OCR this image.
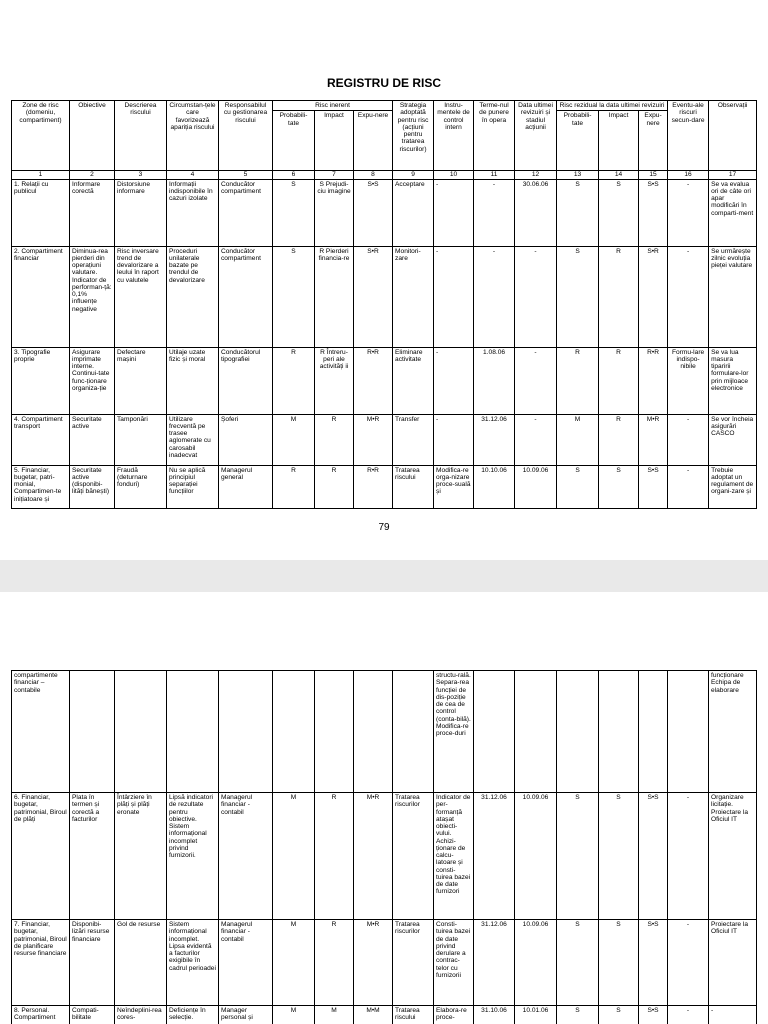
REGISTRU DE RISC
Zone de risc (domeniu, compartiment)	Obiective	Descrierea riscului	Circumstan-țele care favorizează apariția riscului	Responsabilul cu gestionarea riscului	Risc inerent			Strategia adoptată pentru risc (acțiuni pentru tratarea riscurilor)	Instru-mentele de control intern	Terme-nul de punere în opera	Data ultimei revizuiri și stadiul acțiunii	Risc rezidual la data ultimei revizuiri			Eventu-ale riscuri secun-dare	Observații
					Probabili-tate	Impact	Expu-nere					Probabili-tate	Impact	Expu-nere		
1	2	3	4	5	6	7	8	9	10	11	12	13	14	15	16	17
1. Relații cu publicul	Informare corectă	Distorsiune informare	Informații indisponibile în cazuri izolate	Conducător compartiment	S	S Prejudi-ciu imagine	S•S	Acceptare	-	-	30.06.06	S	S	S•S	-	Se va evalua ori de câte ori apar modificări în comparti-ment
2. Compartiment financiar	Diminua-rea pierderi din operațiuni valutare. Indicator de performan-ță: 0,1% influențe negative	Risc inversare trend de devalorizare a leului în raport cu valutele	Proceduri unilaterale bazate pe trendul de devalorizare	Conducător compartiment	S	R Pierderi financia-re	S•R	Monitori-zare	-	-	-	S	R	S•R	-	Se urmărește zilnic evoluția pieței valutare
3. Tipografie proprie	Asigurare imprimate interne. Continui-tate func-ționare organiza-ție	Defectare mașini	Utilaje uzate fizic și moral	Conducătorul tipografiei	R	R Întreru-peri ale activități ii	R•R	Eliminare activitate	-	1.08.06	-	R	R	R•R	Formu-lare indispo-nibile	Se va lua masura tiparirii formulare-lor prin mijloace electronice
4. Compartiment transport	Securitate active	Tamponări	Utilizare frecventă pe trasee aglomerate cu carosabil inadecvat	Șoferi	M	R	M•R	Transfer	-	31.12.06	-	M	R	M•R	-	Se vor încheia asigurări CASCO
5. Financiar, bugetar, patri-monial, Compartimen-te inițiatoare și	Securitate active (disponibi-lități bănești)	Fraudă (deturnare fonduri)	Nu se aplică principiul separației funcțiilor	Managerul general	R	R	R•R	Tratarea riscului	Modifica-re orga-nizare proce-suală și	10.10.06	10.09.06	S	S	S•S	-	Trebuie adoptat un regulament de organi-zare și
79
compartimente financiar – contabile									structu-rală. Separa-rea funcției de dis-poziție de cea de control (conta-bilă). Modifica-re proce-duri							funcționare Echipa de elaborare
6. Financiar, bugetar, patrimonial, Biroul de plăți	Plata în termen și corectă a facturilor	Întârziere în plăți și plăți eronate	Lipsă indicatori de rezultate pentru obiective. Sistem informațional incomplet privind furnizorii.	Managerul financiar - contabil	M	R	M•R	Tratarea riscurilor	Indicator de per-formanță atașat obiecti-vului. Achizi-ționare de calcu-latoare și consti-tuirea bazei de date furnizori	31.12.06	10.09.06	S	S	S•S	-	Organizare licitație. Proiectare la Oficiul IT
7. Financiar, bugetar, patrimonial, Biroul de planificare resurse financiare	Disponibi-lizări resurse financiare	Gol de resurse	Sistem informațional incomplet. Lipsa evidentă a facturilor exigibile în cadrul perioadei	Managerul financiar - contabil	M	R	M•R	Tratarea riscurilor	Consti-tuirea bazei de date privind derulare a contrac-telor cu furnizorii	31.12.06	10.09.06	S	S	S•S	-	Proiectare la Oficiul IT
8. Personal. Compartiment	Compati-bilitate	Neîndeplini-rea cores-	Deficiențe în selecție.	Manager personal și	M	M	M•M	Tratarea riscului	Elabora-re proce-	31.10.06	10.01.06	S	S	S•S	-	-
